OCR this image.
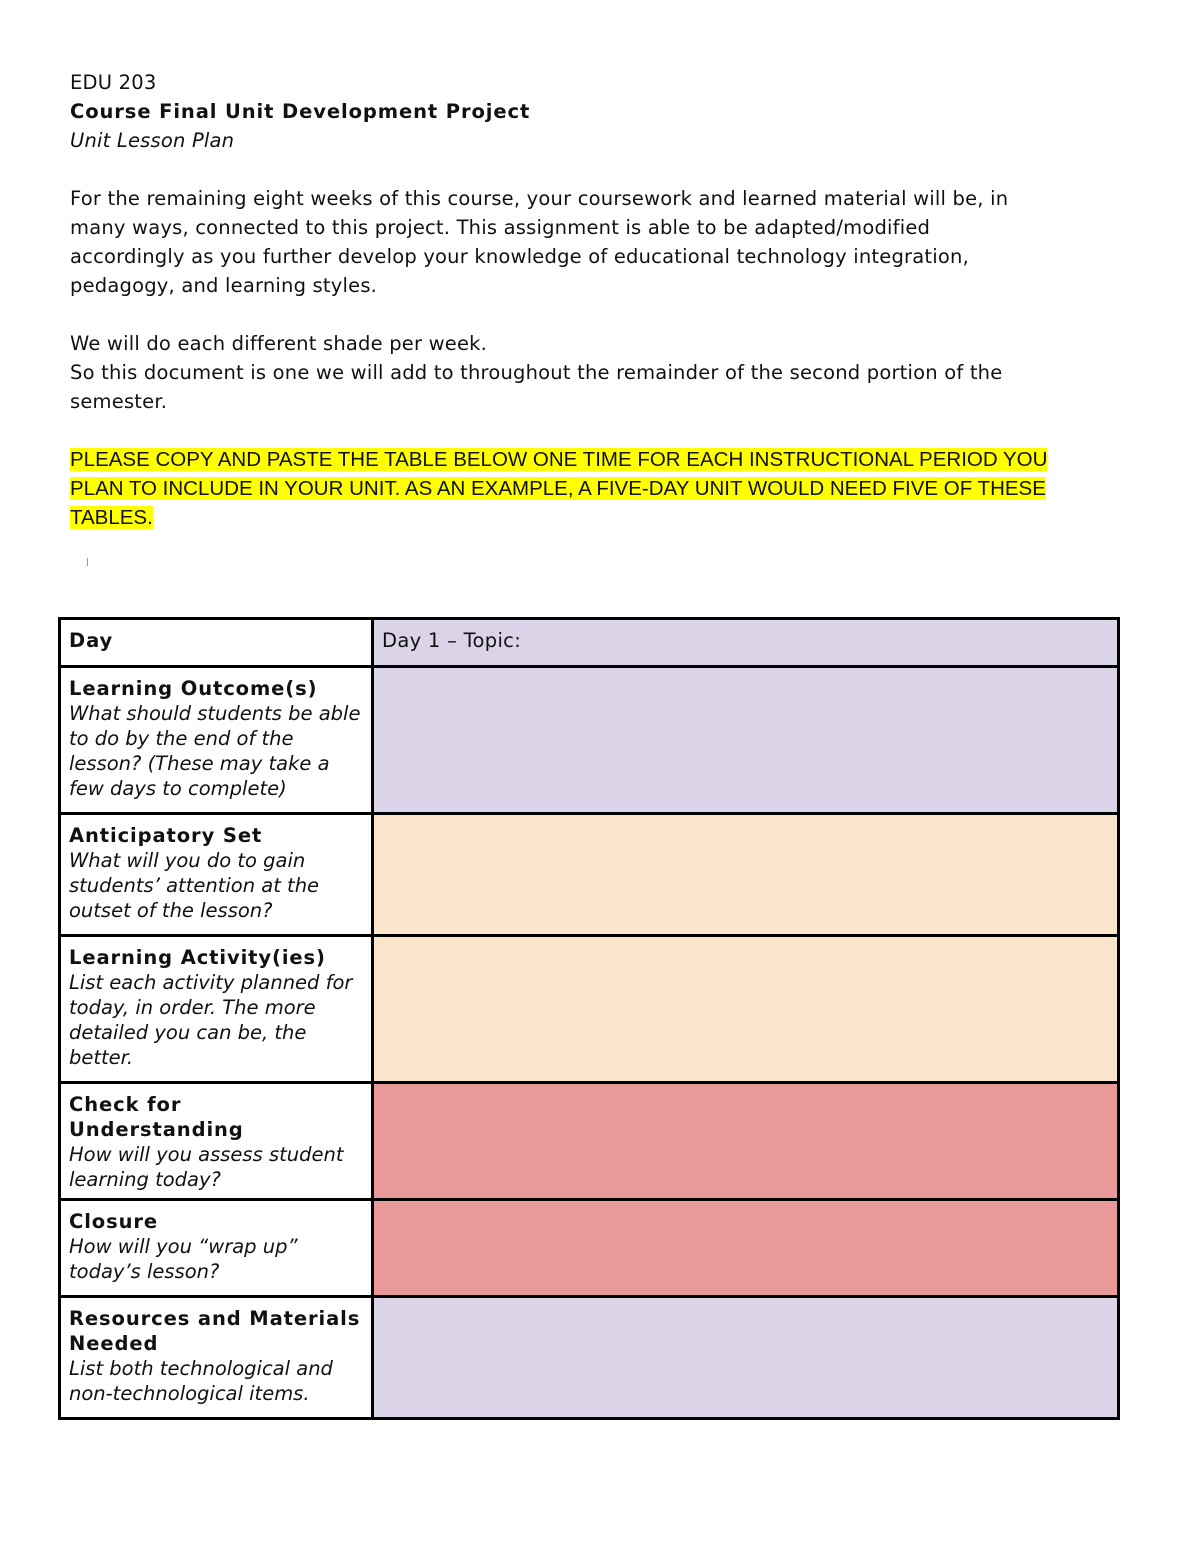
EDU 203
Course Final Unit Development Project
Unit Lesson Plan
For the remaining eight weeks of this course, your coursework and learned material will be, in
many ways, connected to this project. This assignment is able to be adapted/modified
accordingly as you further develop your knowledge of educational technology integration,
pedagogy, and learning styles.
We will do each different shade per week.
So this document is one we will add to throughout the remainder of the second portion of the
semester.
PLEASE COPY AND PASTE THE TABLE BELOW ONE TIME FOR EACH INSTRUCTIONAL PERIOD YOU
PLAN TO INCLUDE IN YOUR UNIT. AS AN EXAMPLE, A FIVE-DAY UNIT WOULD NEED FIVE OF THESE
TABLES.
Day	Day 1 – Topic:

Learning Outcome(s)
What should students be able to do by the end of the lesson? (These may take a few days to complete)	

Anticipatory Set
What will you do to gain students’ attention at the outset of the lesson?	

Learning Activity(ies)
List each activity planned for today, in order. The more detailed you can be, the better.	

Check for Understanding
How will you assess student learning today?	

Closure
How will you “wrap up” today’s lesson?	

Resources and Materials Needed
List both technological and non-technological items.	
